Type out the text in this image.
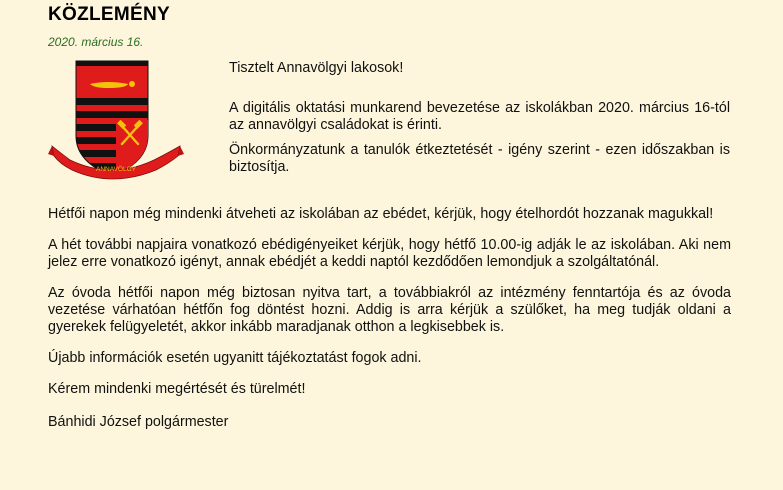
KÖZLEMÉNY
2020. március 16.
ANNAVÖLGY

Tisztelt Annavölgyi lakosok!

A digitális oktatási munkarend bevezetése az iskolákban 2020. március 16-tól az annavölgyi családokat is érinti.

Önkormányzatunk a tanulók étkeztetését - igény szerint - ezen időszakban is biztosítja.

Hétfői napon még mindenki átveheti az iskolában az ebédet, kérjük, hogy ételhordót hozzanak magukkal!

A hét további napjaira vonatkozó ebédigényeiket kérjük, hogy hétfő 10.00-ig adják le az iskolában. Aki nem jelez erre vonatkozó igényt, annak ebédjét a keddi naptól kezdődően lemondjuk a szolgáltatónál.

Az óvoda hétfői napon még biztosan nyitva tart, a továbbiakról az intézmény fenntartója és az óvoda vezetése várhatóan hétfőn fog döntést hozni. Addig is arra kérjük a szülőket, ha meg tudják oldani a gyerekek felügyeletét, akkor inkább maradjanak otthon a legkisebbek is.

Újabb információk esetén ugyanitt tájékoztatást fogok adni.

Kérem mindenki megértését és türelmét!

Bánhidi József polgármester
